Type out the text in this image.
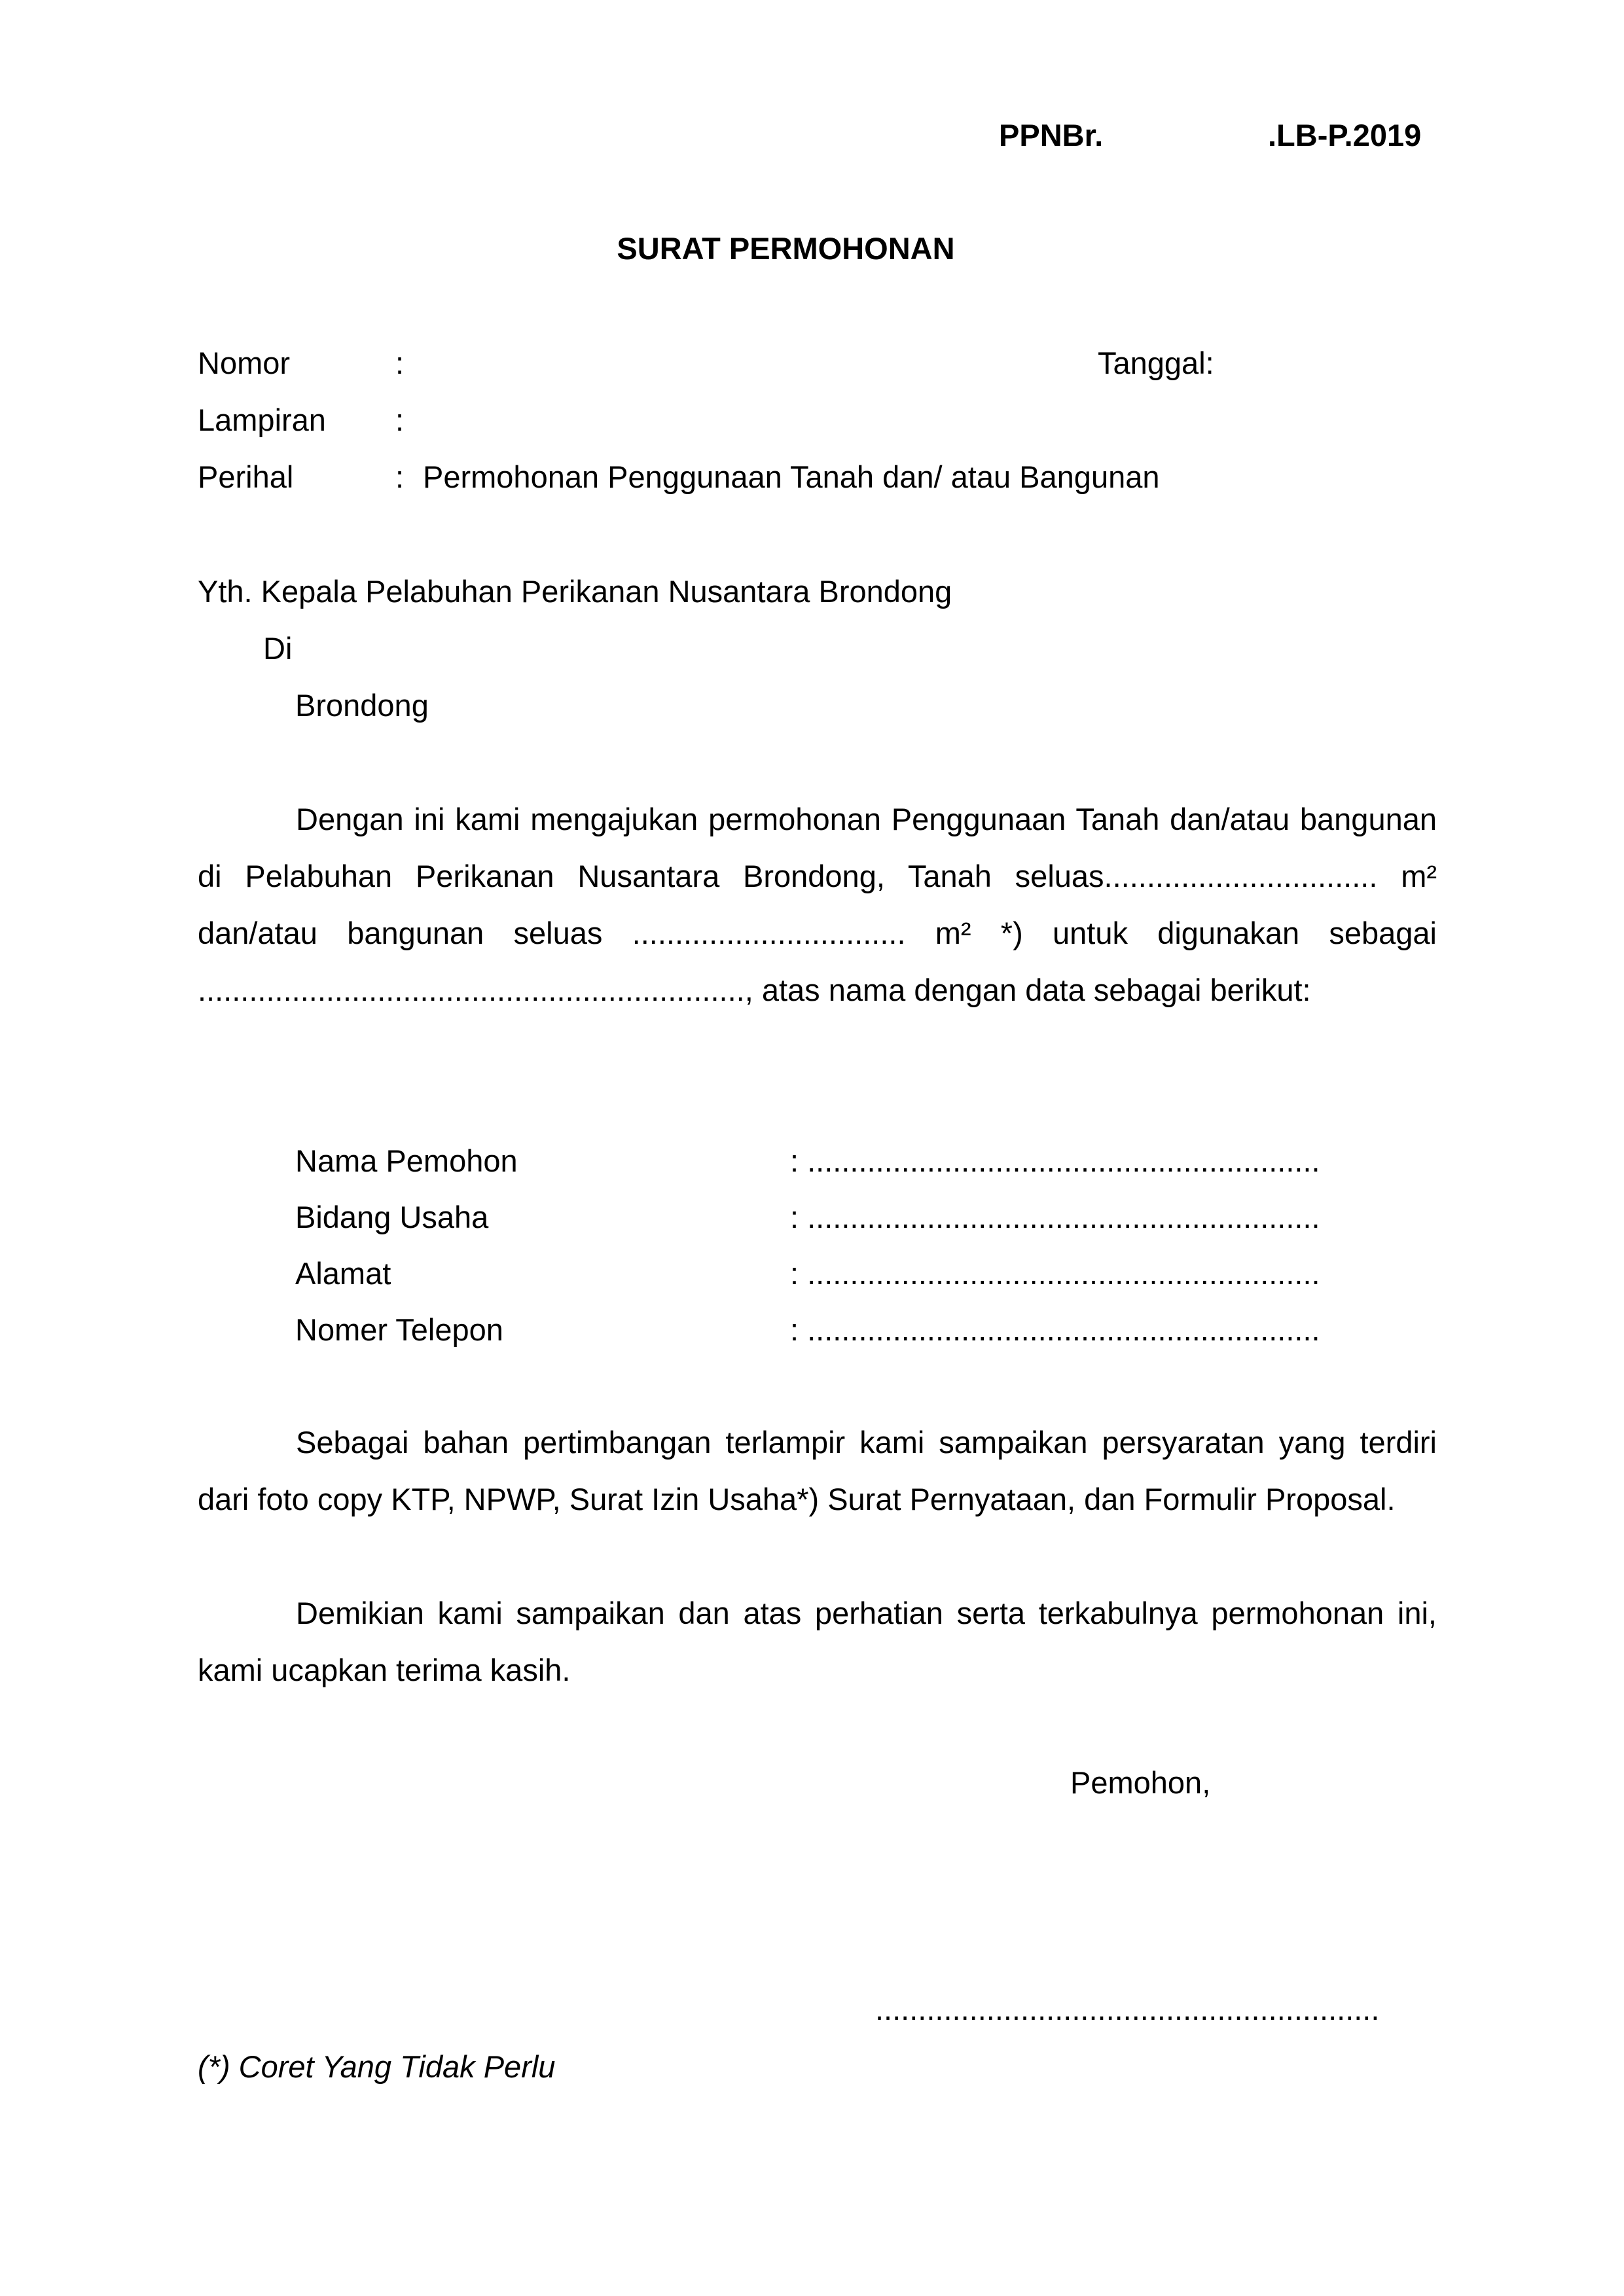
PPNBr.	.LB-P.2019
SURAT PERMOHONAN
Nomor	:	Tanggal:
Lampiran :
Perihal	: Permohonan Penggunaan Tanah dan/ atau Bangunan
Yth. Kepala Pelabuhan Perikanan Nusantara Brondong
Di
Brondong
Dengan ini kami mengajukan permohonan Penggunaan Tanah dan/atau bangunan di Pelabuhan Perikanan Nusantara Brondong, Tanah seluas................................ m² dan/atau bangunan seluas ................................ m² *) untuk digunakan sebagai ................................................................, atas nama dengan data sebagai berikut:
Nama Pemohon	: ............................................................
Bidang Usaha	: ............................................................
Alamat	: ............................................................
Nomer Telepon	: ............................................................
Sebagai bahan pertimbangan terlampir kami sampaikan persyaratan yang terdiri dari foto copy KTP, NPWP, Surat Izin Usaha*) Surat Pernyataan, dan Formulir Proposal.
Demikian kami sampaikan dan atas perhatian serta terkabulnya permohonan ini, kami ucapkan terima kasih.
Pemohon,
...........................................................
(*) Coret Yang Tidak Perlu
